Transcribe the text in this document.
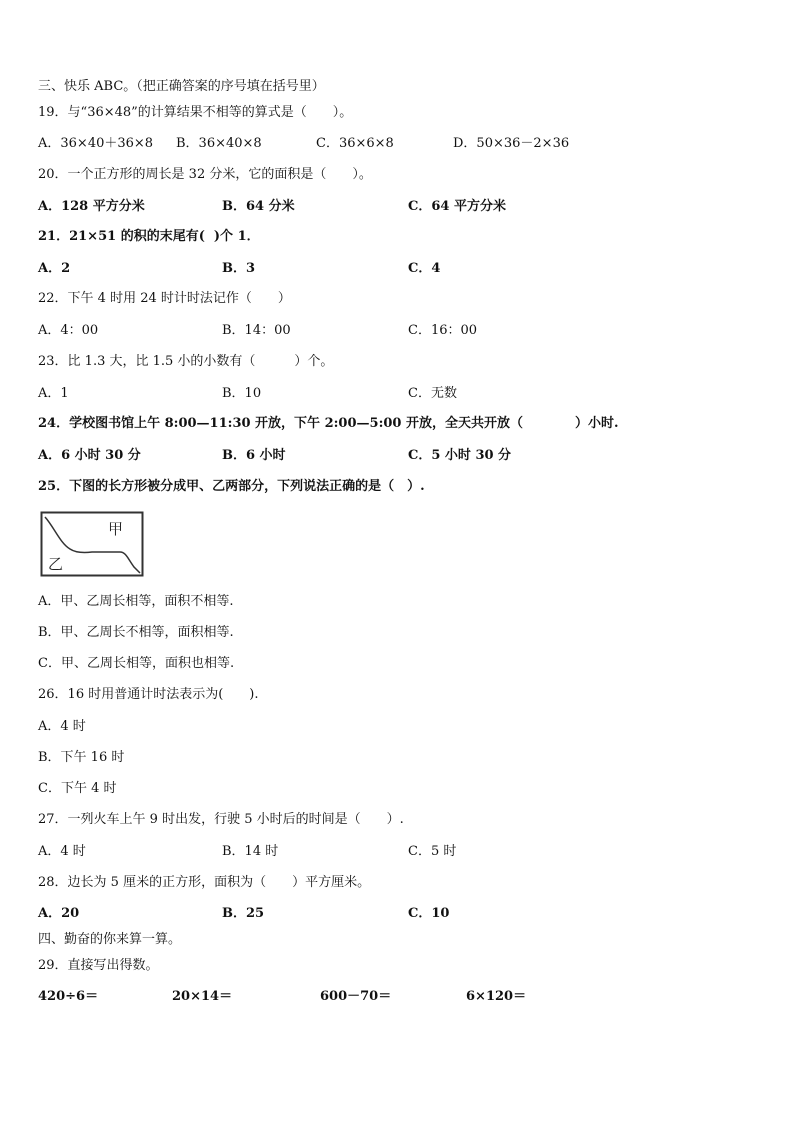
三、快乐 ABC。（把正确答案的序号填在括号里）
19．与“36×48”的计算结果不相等的算式是（　　）。
A．36×40＋36×8 B．36×40×8	C．36×6×8	D．50×36－2×36
20．一个正方形的周长是 32 分米，它的面积是（　　）。
A．128 平方分米	B．64 分米	C．64 平方分米
21．21×51 的积的末尾有(  )个 1．
A．2	B．3	C．4
22．下午 4 时用 24 时计时法记作（　　）
A．4：00	B．14：00	C．16：00
23．比 1.3 大，比 1.5 小的小数有（　　　）个。
A．1	B．10	C．无数
24．学校图书馆上午 8:00—11:30 开放，下午 2:00—5:00 开放，全天共开放（　　　　）小时.
A．6 小时 30 分	B．6 小时	C．5 小时 30 分
25．下图的长方形被分成甲、乙两部分，下列说法正确的是（　）.
甲
乙
A．甲、乙周长相等，面积不相等.
B．甲、乙周长不相等，面积相等.
C．甲、乙周长相等，面积也相等.
26．16 时用普通计时法表示为(　　).
A．4 时
B．下午 16 时
C．下午 4 时
27．一列火车上午 9 时出发，行驶 5 小时后的时间是（　　）.
A．4 时	B．14 时	C．5 时
28．边长为 5 厘米的正方形，面积为（　　）平方厘米。
A．20	B．25	C．10
四、勤奋的你来算一算。
29．直接写出得数。
420÷6＝	20×14＝	600－70＝	6×120＝
